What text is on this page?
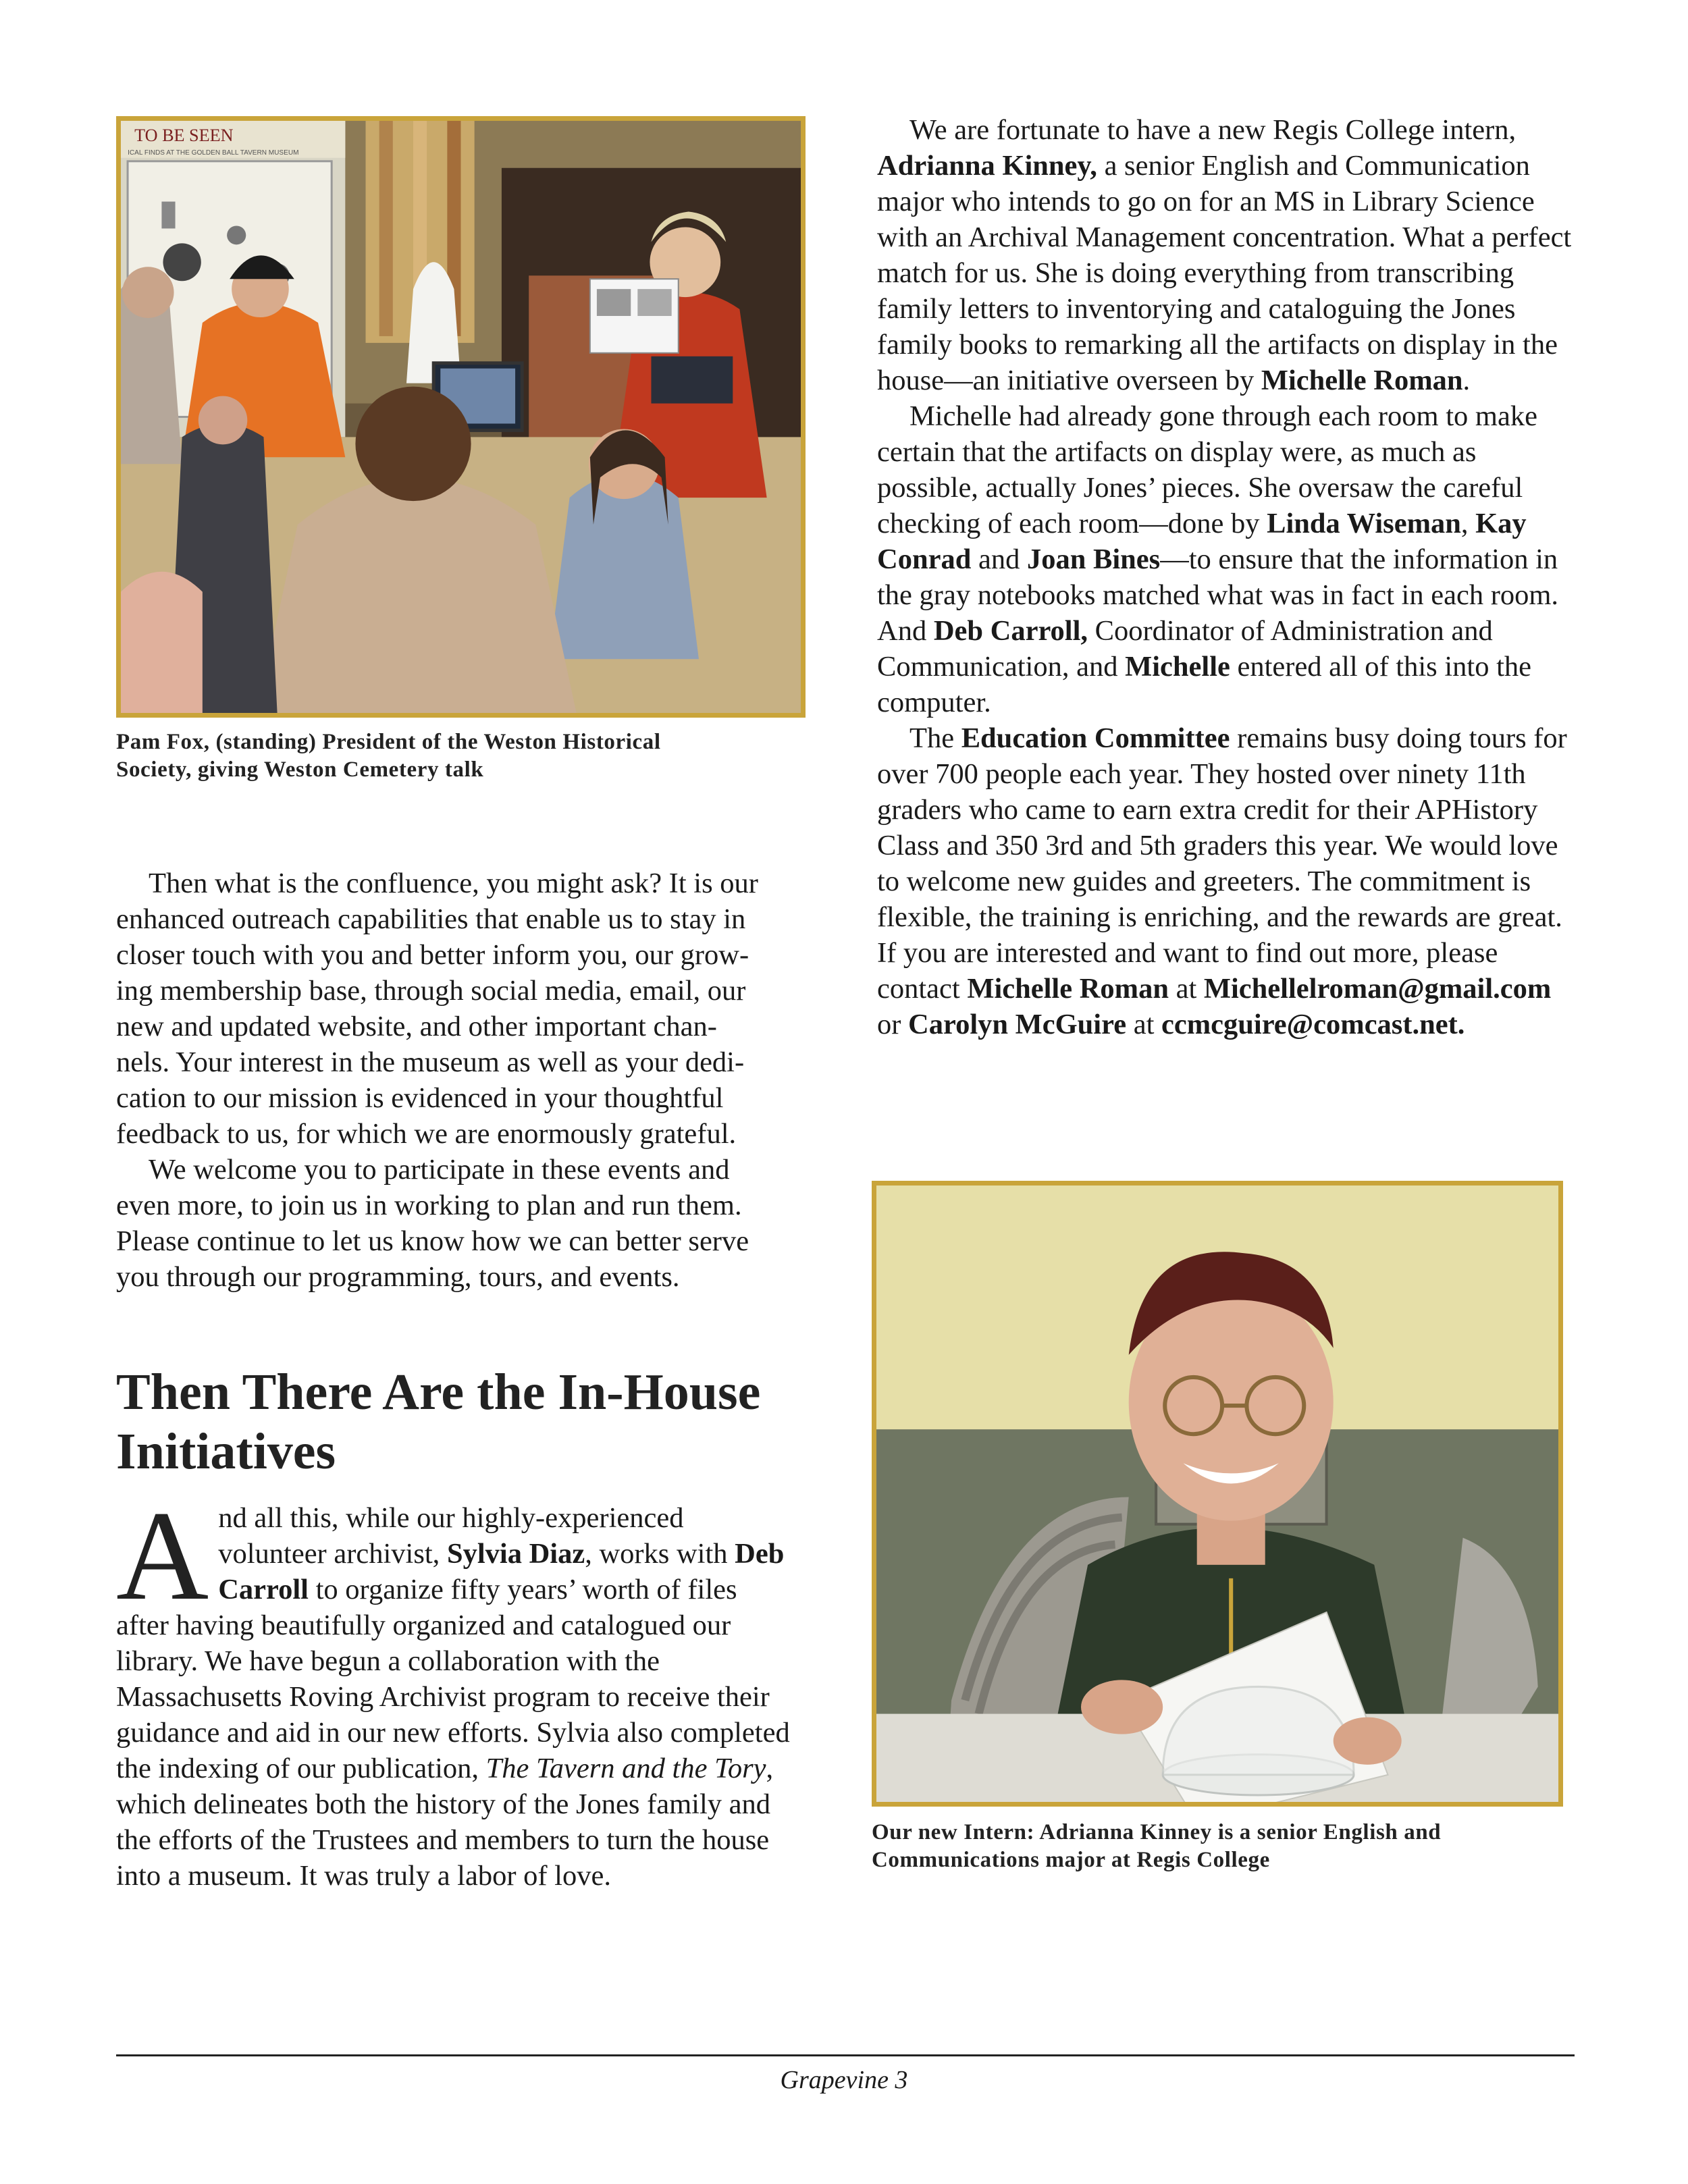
TO BE SEEN
ICAL FINDS AT THE GOLDEN BALL TAVERN MUSEUM
Pam Fox, (standing) President of the Weston Historical
Society, giving Weston Cemetery talk

Then what is the confluence, you might ask? It is our
enhanced outreach capabilities that enable us to stay in
closer touch with you and better inform you, our grow-
ing membership base, through social media, email, our
new and updated website, and other important chan-
nels. Your interest in the museum as well as your dedi-
cation to our mission is evidenced in your thoughtful
feedback to us, for which we are enormously grateful.

We welcome you to participate in these events and
even more, to join us in working to plan and run them.
Please continue to let us know how we can better serve
you through our programming, tours, and events.

Then There Are the In-House
Initiatives

And all this, while our highly-experienced volunteer archivist, Sylvia Diaz, works with Deb Carroll to organize fifty years’ worth of files after having beautifully organized and catalogued our library. We have begun a collaboration with the Massachusetts Roving Archivist program to receive their guidance and aid in our new efforts. Sylvia also completed the indexing of our publication, The Tavern and the Tory, which delineates both the history of the Jones family and the efforts of the Trustees and members to turn the house into a museum. It was truly a labor of love.

We are fortunate to have a new Regis College intern, Adrianna Kinney, a senior English and Communication major who intends to go on for an MS in Library Science with an Archival Management concentration. What a perfect match for us. She is doing everything from transcribing family letters to inventorying and cataloguing the Jones family books to remarking all the artifacts on display in the house—an initiative overseen by Michelle Roman.

Michelle had already gone through each room to make certain that the artifacts on display were, as much as possible, actually Jones’ pieces. She oversaw the careful checking of each room—done by Linda Wiseman, Kay Conrad and Joan Bines—to ensure that the information in the gray notebooks matched what was in fact in each room. And Deb Carroll, Coordinator of Administration and Communication, and Michelle entered all of this into the computer.

The Education Committee remains busy doing tours for over 700 people each year. They hosted over ninety 11th graders who came to earn extra credit for their APHistory Class and 350 3rd and 5th graders this year. We would love to welcome new guides and greeters. The commitment is flexible, the training is enriching, and the rewards are great. If you are interested and want to find out more, please contact Michelle Roman at Michellelroman@gmail.com or Carolyn McGuire at ccmcguire@comcast.net.

Our new Intern: Adrianna Kinney is a senior English and
Communications major at Regis College
Grapevine 3
